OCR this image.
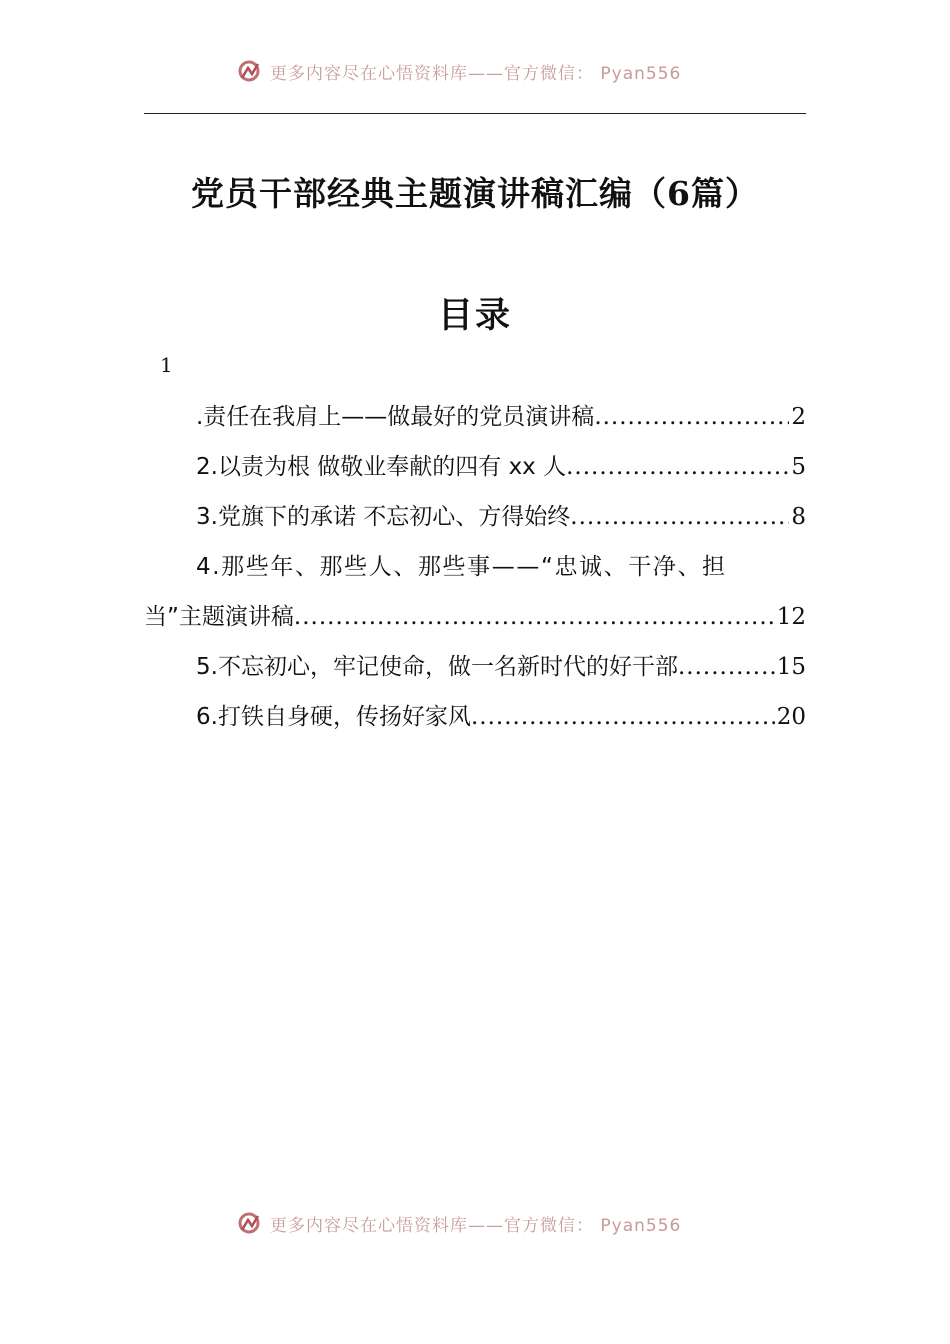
更多内容尽在心悟资料库——官方微信： Pyan556
党员干部经典主题演讲稿汇编（6篇）
目录
1
.责任在我肩上——做最好的党员演讲稿 .....	2
2.以责为根 做敬业奉献的四有 xx 人 .....	5
3.党旗下的承诺 不忘初心、方得始终 .....	8
4.那些年、那些人、那些事——“忠诚、干净、担
当”主题演讲稿 .....	12
5.不忘初心，牢记使命，做一名新时代的好干部 .....	15
6.打铁自身硬，传扬好家风 .....	20
更多内容尽在心悟资料库——官方微信： Pyan556
